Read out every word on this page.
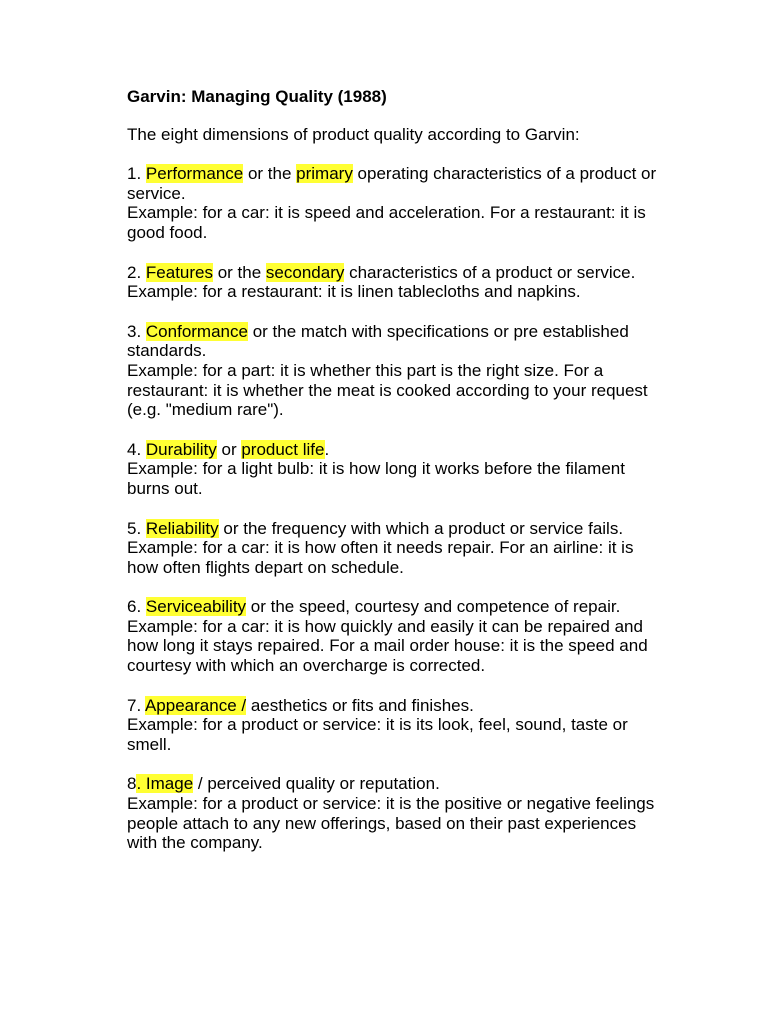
Garvin: Managing Quality (1988)

The eight dimensions of product quality according to Garvin:

1. Performance or the primary operating characteristics of a product or service.

Example: for a car: it is speed and acceleration. For a restaurant: it is good food.

2. Features or the secondary characteristics of a product or service.

Example: for a restaurant: it is linen tablecloths and napkins.

3. Conformance or the match with specifications or pre established standards.

Example: for a part: it is whether this part is the right size. For a restaurant: it is whether the meat is cooked according to your request (e.g. "medium rare").

4. Durability or product life.

Example: for a light bulb: it is how long it works before the filament burns out.

5. Reliability or the frequency with which a product or service fails.

Example: for a car: it is how often it needs repair. For an airline: it is how often flights depart on schedule.

6. Serviceability or the speed, courtesy and competence of repair.

Example: for a car: it is how quickly and easily it can be repaired and how long it stays repaired. For a mail order house: it is the speed and courtesy with which an overcharge is corrected.

7. Appearance / aesthetics or fits and finishes.

Example: for a product or service: it is its look, feel, sound, taste or smell.

8. Image / perceived quality or reputation.

Example: for a product or service: it is the positive or negative feelings people attach to any new offerings, based on their past experiences with the company.
